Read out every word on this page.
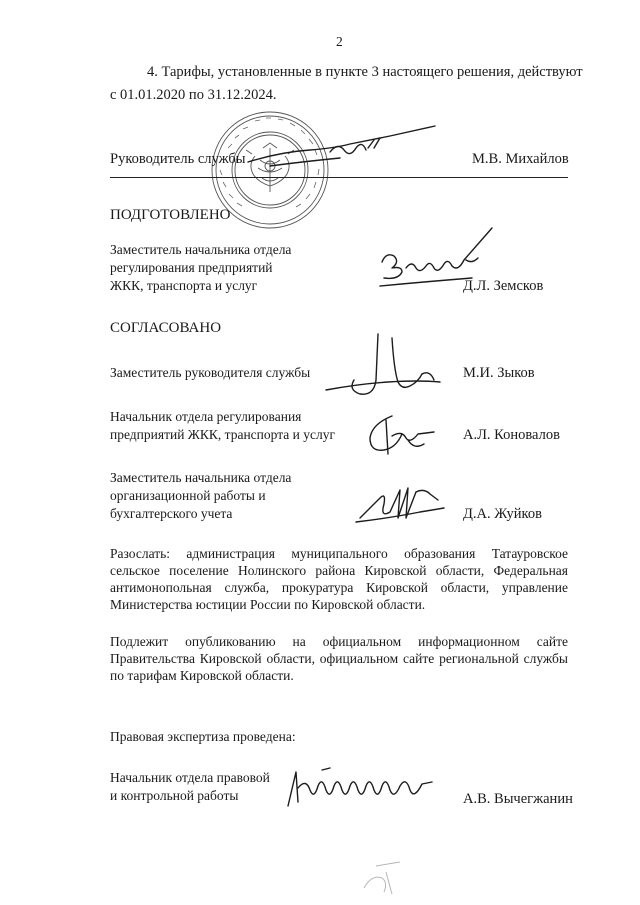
2
4. Тарифы, установленные в пункте 3 настоящего решения, действуют
с 01.01.2020 по 31.12.2024.
Руководитель службы	М.В. Михайлов
ПОДГОТОВЛЕНО
Заместитель начальника отдела
регулирования предприятий
ЖКК, транспорта и услуг	Д.Л. Земсков
СОГЛАСОВАНО
Заместитель руководителя службы	М.И. Зыков
Начальник отдела регулирования
предприятий ЖКК, транспорта и услуг	А.Л. Коновалов
Заместитель начальника отдела
организационной работы и
бухгалтерского учета	Д.А. Жуйков
Разослать: администрация муниципального образования Татауровское сельское поселение Нолинского района Кировской области, Федеральная антимонопольная служба, прокуратура Кировской области, управление Министерства юстиции России по Кировской области.
Подлежит опубликованию на официальном информационном сайте Правительства Кировской области, официальном сайте региональной службы по тарифам Кировской области.
Правовая экспертиза проведена:
Начальник отдела правовой
и контрольной работы	А.В. Вычегжанин
